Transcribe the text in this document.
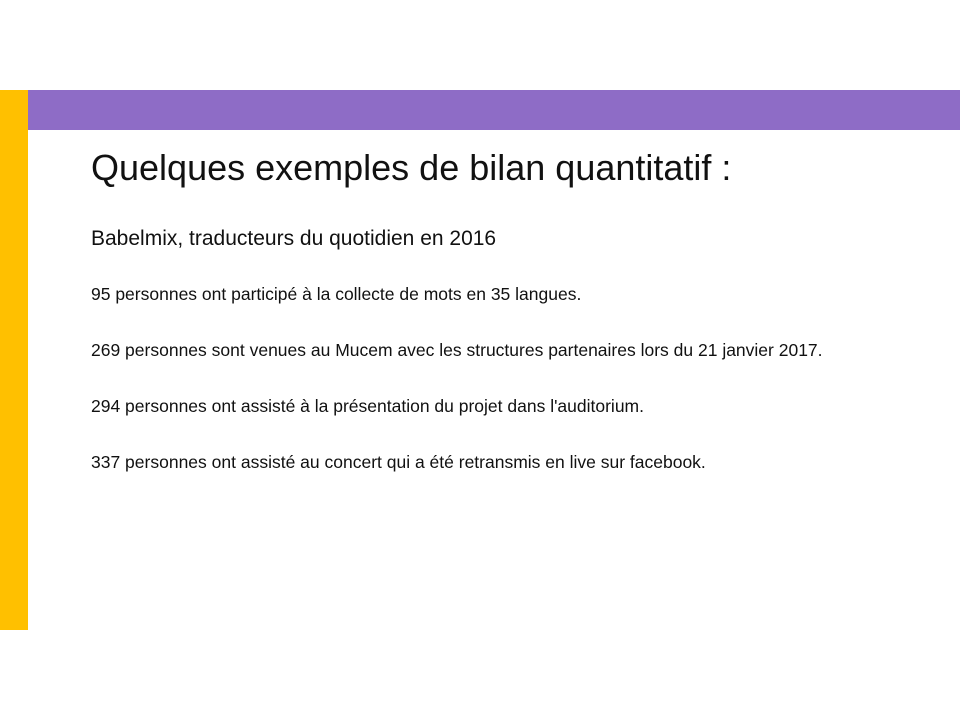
Quelques exemples de bilan quantitatif :

Babelmix, traducteurs du quotidien en 2016

95 personnes ont participé à la collecte de mots en 35 langues.
269 personnes sont venues au Mucem avec les structures partenaires lors du 21 janvier 2017.
294 personnes ont assisté à la présentation du projet dans l'auditorium.
337 personnes ont assisté au concert qui a été retransmis en live sur facebook.
